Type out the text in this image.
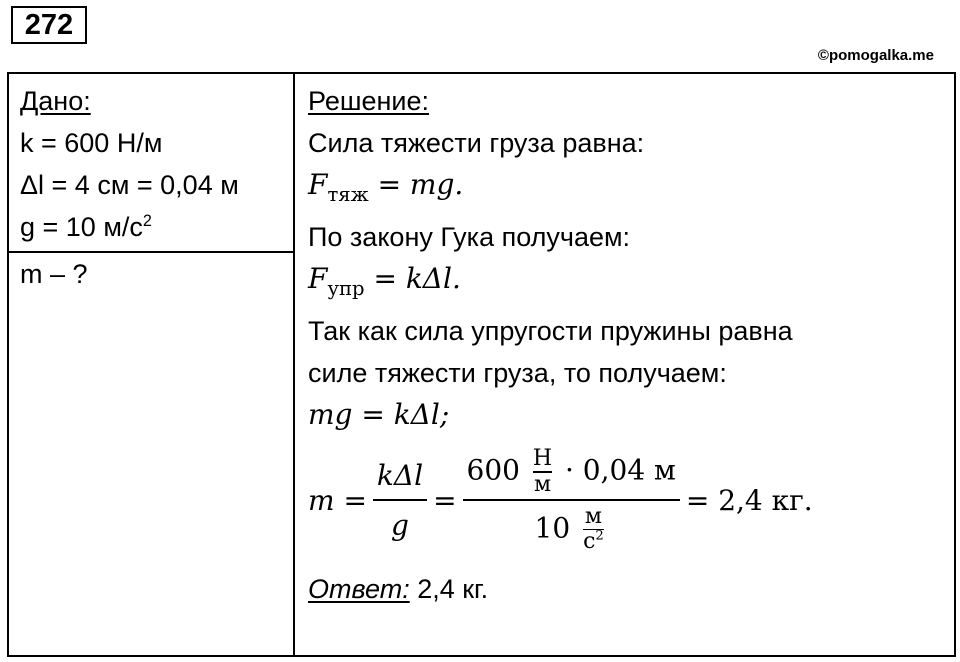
272
©pomogalka.me
Дано:
k = 600 Н/м
Δl = 4 см = 0,04 м
g = 10 $м/с^2$
m – ?
Решение:
Сила тяжести груза равна:
$F_{тяж}$ = mg.
По закону Гука получаем:
$F_{упр} = k\Delta l$.
Так как сила упругости пружины равна
силе тяжести груза, то получаем:
mg = kΔl;
$m = \frac{\text{kΔl}}{g}$ =
600 Н
м · 0,04 м
10 м
$с^2$
= 2,4 кг.
Ответ: 2,4 кг.
